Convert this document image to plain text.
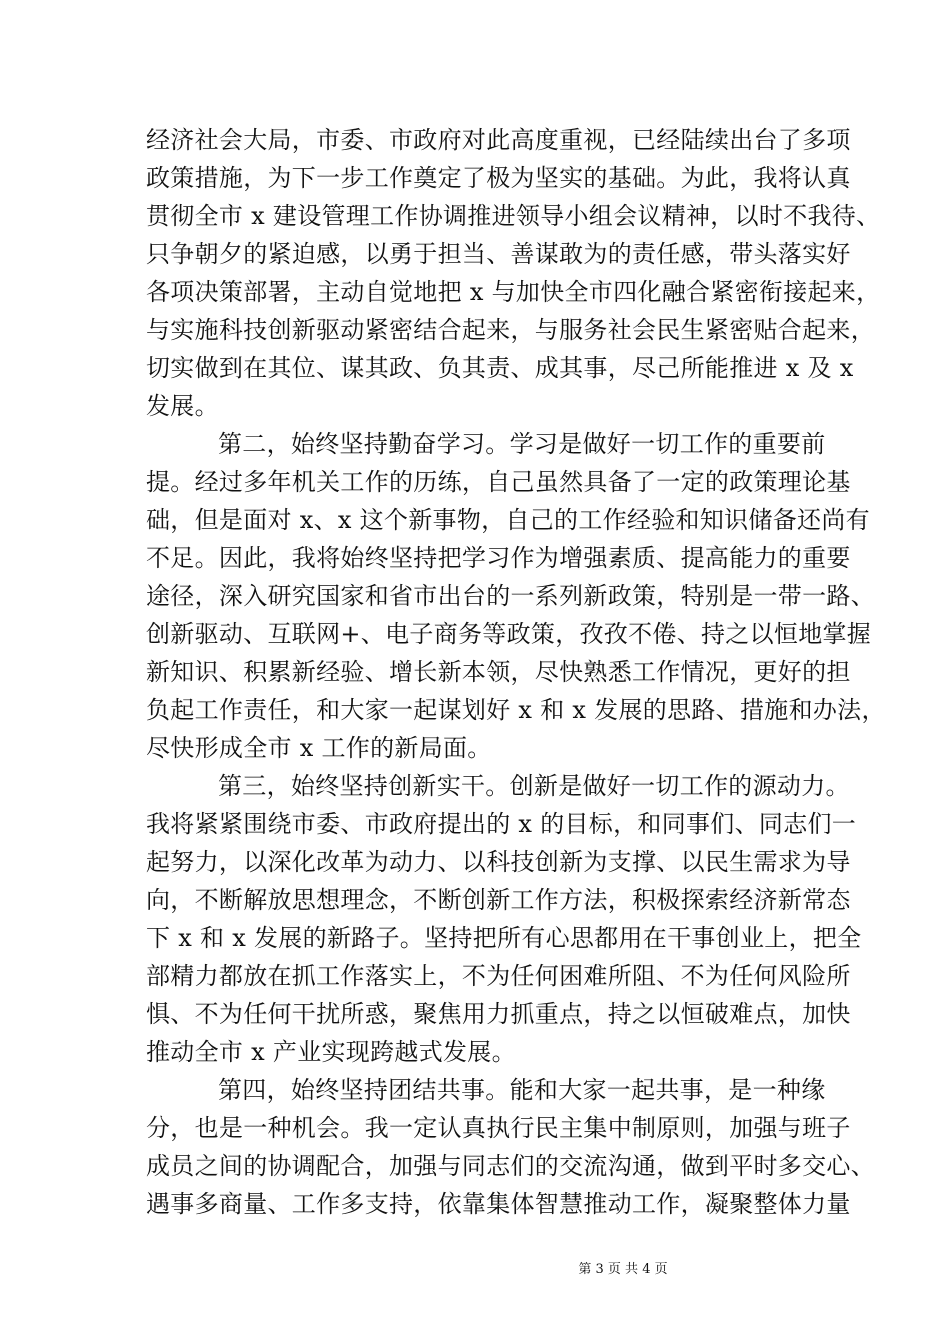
经济社会大局，市委、市政府对此高度重视，已经陆续出台了多项
政策措施，为下一步工作奠定了极为坚实的基础。为此，我将认真
贯彻全市 x 建设管理工作协调推进领导小组会议精神，以时不我待、
只争朝夕的紧迫感，以勇于担当、善谋敢为的责任感，带头落实好
各项决策部署，主动自觉地把 x 与加快全市四化融合紧密衔接起来，
与实施科技创新驱动紧密结合起来，与服务社会民生紧密贴合起来，
切实做到在其位、谋其政、负其责、成其事，尽己所能推进 x 及 x
发展。
第二，始终坚持勤奋学习。学习是做好一切工作的重要前
提。经过多年机关工作的历练，自己虽然具备了一定的政策理论基
础，但是面对 x、x 这个新事物，自己的工作经验和知识储备还尚有
不足。因此，我将始终坚持把学习作为增强素质、提高能力的重要
途径，深入研究国家和省市出台的一系列新政策，特别是一带一路、
创新驱动、互联网+、电子商务等政策，孜孜不倦、持之以恒地掌握
新知识、积累新经验、增长新本领，尽快熟悉工作情况，更好的担
负起工作责任，和大家一起谋划好 x 和 x 发展的思路、措施和办法，
尽快形成全市 x 工作的新局面。
第三，始终坚持创新实干。创新是做好一切工作的源动力。
我将紧紧围绕市委、市政府提出的 x 的目标，和同事们、同志们一
起努力，以深化改革为动力、以科技创新为支撑、以民生需求为导
向，不断解放思想理念，不断创新工作方法，积极探索经济新常态
下 x 和 x 发展的新路子。坚持把所有心思都用在干事创业上，把全
部精力都放在抓工作落实上，不为任何困难所阻、不为任何风险所
惧、不为任何干扰所惑，聚焦用力抓重点，持之以恒破难点，加快
推动全市 x 产业实现跨越式发展。
第四，始终坚持团结共事。能和大家一起共事，是一种缘
分，也是一种机会。我一定认真执行民主集中制原则，加强与班子
成员之间的协调配合，加强与同志们的交流沟通，做到平时多交心、
遇事多商量、工作多支持，依靠集体智慧推动工作，凝聚整体力量
第 3 页 共 4 页
